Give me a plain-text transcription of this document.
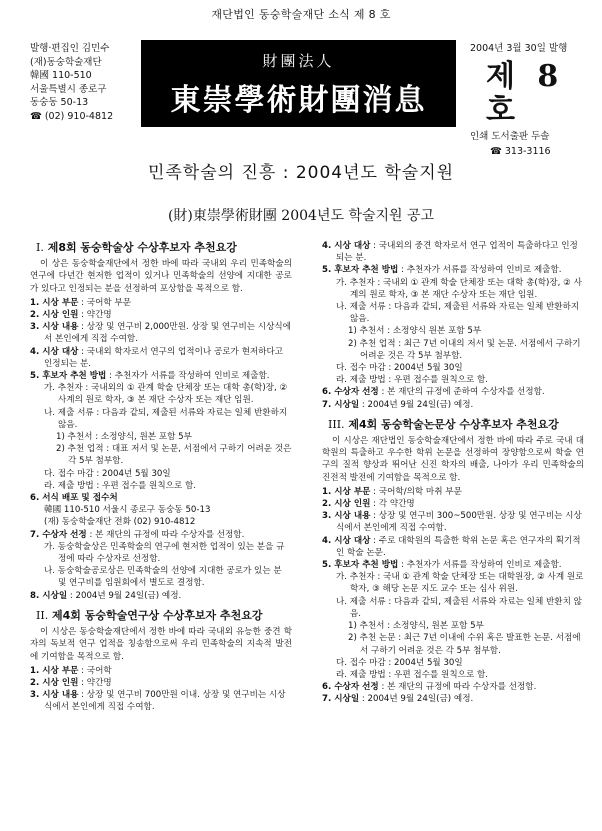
재단법인 동숭학술재단 소식 제 8 호
발행·편집인 김민수
(재)동숭학술재단
韓國 110-510
서울특별시 종로구
동숭동 50-13
☎ (02) 910-4812
財團法人
東崇學術財團消息
2004년 3월 30일 발행
제 8 호
인쇄 도서출판 두솔
☎ 313-3116
민족학술의 진흥 : 2004년도 학술지원
(財)東崇學術財團 2004년도 학술지원 공고
I. 제8회 동숭학술상 수상후보자 추천요강
이 상은 동숭학술재단에서 정한 바에 따라 국내외 우리 민족학술의 연구에 다년간 현저한 업적이 있거나 민족학술의 선양에 지대한 공로가 있다고 인정되는 분을 선정하여 포상함을 목적으로 함.
1. 시상 부문 : 국어학 부문
2. 시상 인원 : 약간명
3. 시상 내용 : 상장 및 연구비 2,000만원. 상장 및 연구비는 시상식에서 본인에게 직접 수여함.
4. 시상 대상 : 국내외 학자로서 연구의 업적이나 공로가 현저하다고 인정되는 분.
5. 후보자 추천 방법 : 추천자가 서류를 작성하여 인비로 제출함.
가. 추천자 : 국내외의 ① 관계 학술 단체장 또는 대학 총(학)장, ② 사계의 원로 학자, ③ 본 재단 수상자 또는 재단 임원.
나. 제출 서류 : 다음과 같되, 제출된 서류와 자료는 일체 반환하지 않음.
1) 추천서 : 소정양식, 원본 포함 5부
2) 추천 업적 : 대표 저서 및 논문, 서점에서 구하기 어려운 것은 각 5부 첨부함.
다. 접수 마감 : 2004년 5월 30일
라. 제출 방법 : 우편 접수를 원칙으로 함.
6. 서식 배포 및 접수처
韓國 110-510 서울시 종로구 동숭동 50-13
(재) 동숭학술재단 전화 (02) 910-4812
7. 수상자 선정 : 본 재단의 규정에 따라 수상자를 선정함.
가. 동숭학술상은 민족학술의 연구에 현저한 업적이 있는 분을 규정에 따라 수상자로 선정함.
나. 동숭학술공로상은 민족학술의 선양에 지대한 공로가 있는 분 및 연구비를 임원회에서 별도로 결정함.
8. 시상일 : 2004년 9월 24일(금) 예정.
II. 제4회 동숭학술연구상 수상후보자 추천요강
이 시상은 동숭학술재단에서 정한 바에 따라 국내외 유능한 중견 학자의 독보적 연구 업적을 칭송함으로써 우리 민족학술의 지속적 발전에 기여함을 목적으로 함.
1. 시상 부문 : 국어학
2. 시상 인원 : 약간명
3. 시상 내용 : 상장 및 연구비 700만원 이내. 상장 및 연구비는 시상식에서 본인에게 직접 수여함.
4. 시상 대상 : 국내외의 중견 학자로서 연구 업적이 특출하다고 인정되는 분.
5. 후보자 추천 방법 : 추천자가 서류를 작성하여 인비로 제출함.
가. 추천자 : 국내외 ① 관계 학술 단체장 또는 대학 총(학)장, ② 사계의 원로 학자, ③ 본 재단 수상자 또는 재단 임원.
나. 제출 서류 : 다음과 같되, 제출된 서류와 자료는 일체 반환하지 않음.
1) 추천서 : 소정양식 원본 포함 5부
2) 추천 업적 : 최근 7년 이내의 저서 및 논문. 서점에서 구하기 어려운 것은 각 5부 첨부함.
다. 접수 마감 : 2004년 5월 30일
라. 제출 방법 : 우편 접수를 원칙으로 함.
6. 수상자 선정 : 본 재단의 규정에 준하여 수상자를 선정함.
7. 시상일 : 2004년 9월 24일(금) 예정.
III. 제4회 동숭학술논문상 수상후보자 추천요강
이 시상은 재단법인 동숭학술재단에서 정한 바에 따라 주로 국내 대학원의 특출하고 우수한 학위 논문을 선정하여 장양함으로써 학술 연구의 질적 향상과 뛰어난 신진 학자의 배출, 나아가 우리 민족학술의 진전적 발전에 기여함을 목적으로 함.
1. 시상 부문 : 국어학/의학 마취 부문
2. 시상 인원 : 각 약간명
3. 시상 내용 : 상장 및 연구비 300~500만원. 상장 및 연구비는 시상식에서 본인에게 직접 수여함.
4. 시상 대상 : 주로 대학원의 특출한 학위 논문 혹은 연구자의 획기적인 학술 논문.
5. 후보자 추천 방법 : 추천자가 서류를 작성하여 인비로 제출함.
가. 추천자 : 국내 ① 관계 학술 단체장 또는 대학원장, ② 사계 원로 학자, ③ 해당 논문 지도 교수 또는 심사 위원.
나. 제출 서류 : 다음과 같되, 제출된 서류와 자료는 일체 반환치 않음.
1) 추천서 : 소정양식, 원본 포함 5부
2) 추천 논문 : 최근 7년 이내에 수위 혹은 발표한 논문. 서점에서 구하기 어려운 것은 각 5부 첨부함.
다. 접수 마감 : 2004년 5월 30일
라. 제출 방법 : 우편 접수를 원칙으로 함.
6. 수상자 선정 : 본 재단의 규정에 따라 수상자를 선정함.
7. 시상일 : 2004년 9월 24일(금) 예정.
